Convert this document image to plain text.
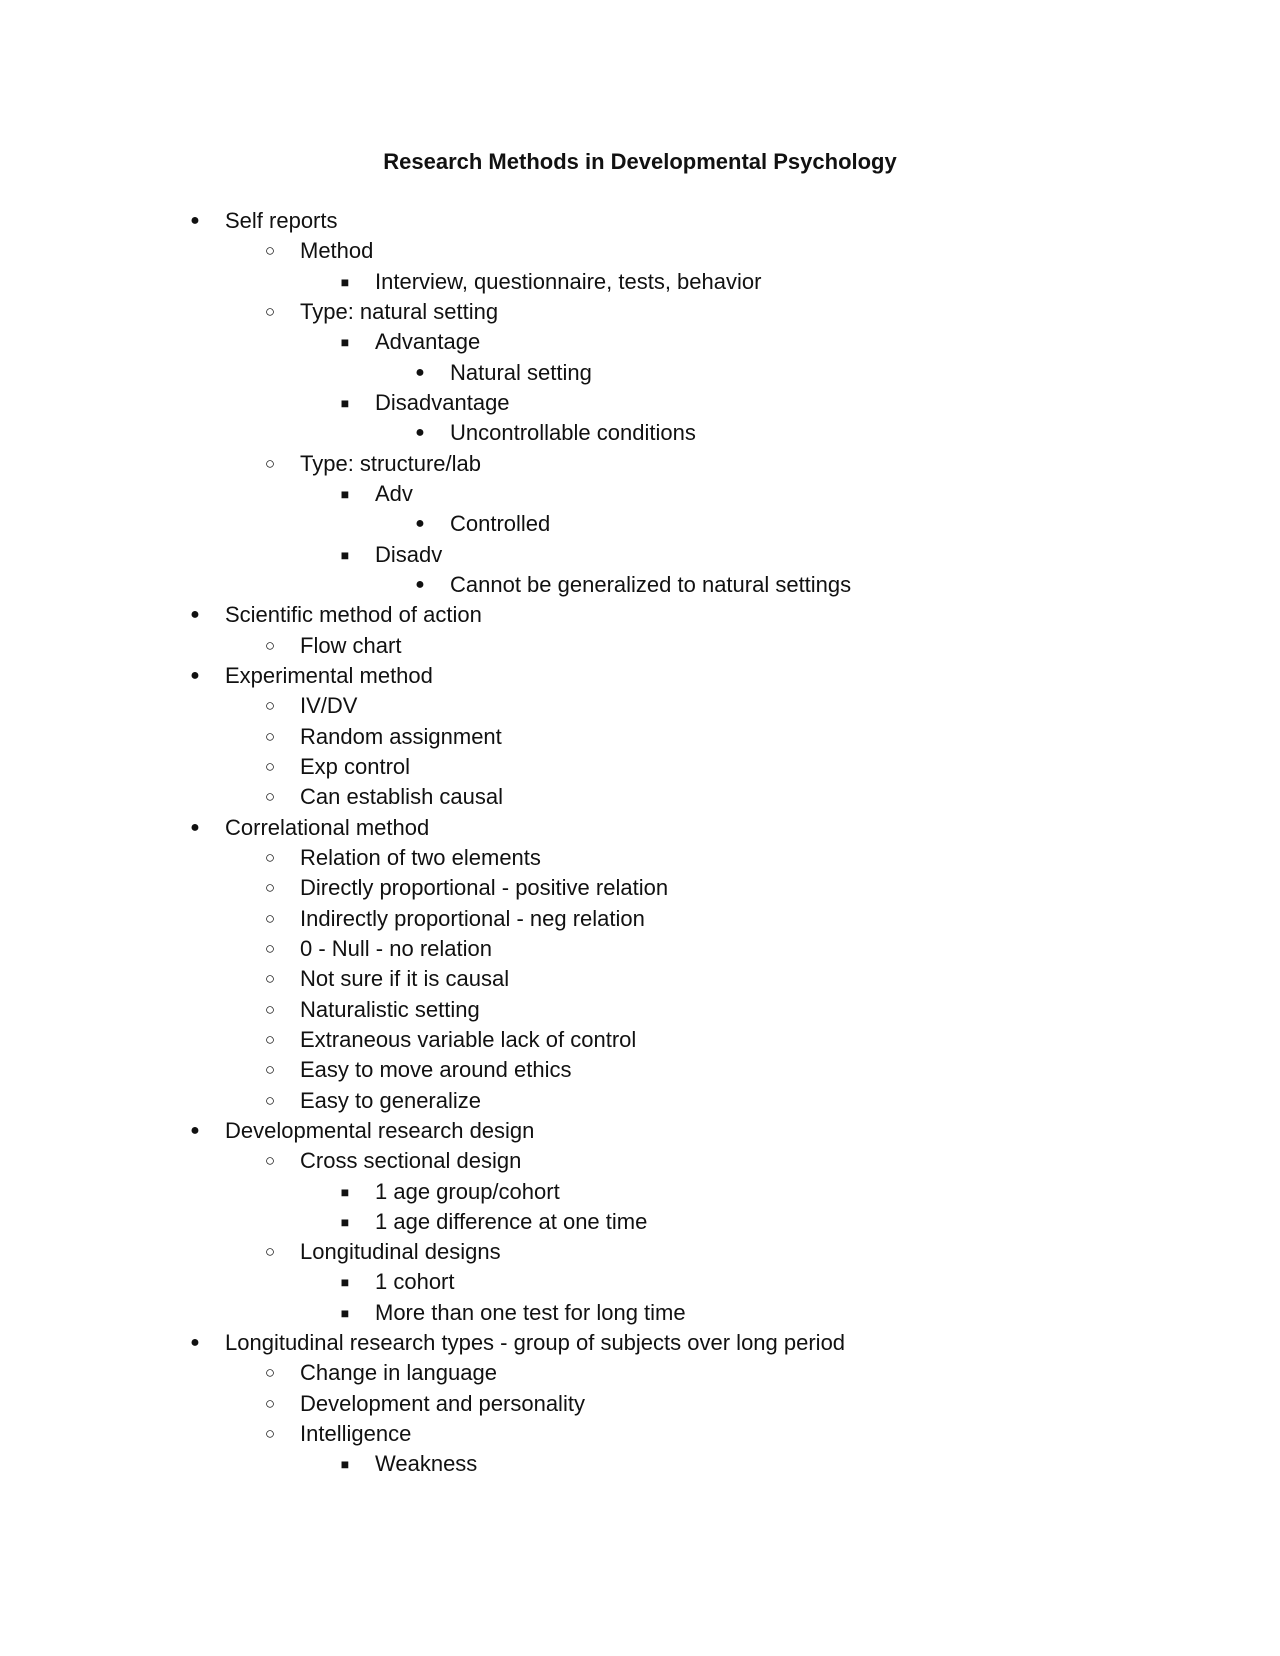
Research Methods in Developmental Psychology
● Self reports
○ Method
■ Interview, questionnaire, tests, behavior
○ Type: natural setting
■ Advantage
● Natural setting
■ Disadvantage
● Uncontrollable conditions
○ Type: structure/lab
■ Adv
● Controlled
■ Disadv
● Cannot be generalized to natural settings
● Scientific method of action
○ Flow chart
● Experimental method
○ IV/DV
○ Random assignment
○ Exp control
○ Can establish causal
● Correlational method
○ Relation of two elements
○ Directly proportional - positive relation
○ Indirectly proportional - neg relation
○ 0 - Null - no relation
○ Not sure if it is causal
○ Naturalistic setting
○ Extraneous variable lack of control
○ Easy to move around ethics
○ Easy to generalize
● Developmental research design
○ Cross sectional design
■ 1 age group/cohort
■ 1 age difference at one time
○ Longitudinal designs
■ 1 cohort
■ More than one test for long time
● Longitudinal research types - group of subjects over long period
○ Change in language
○ Development and personality
○ Intelligence
■ Weakness
